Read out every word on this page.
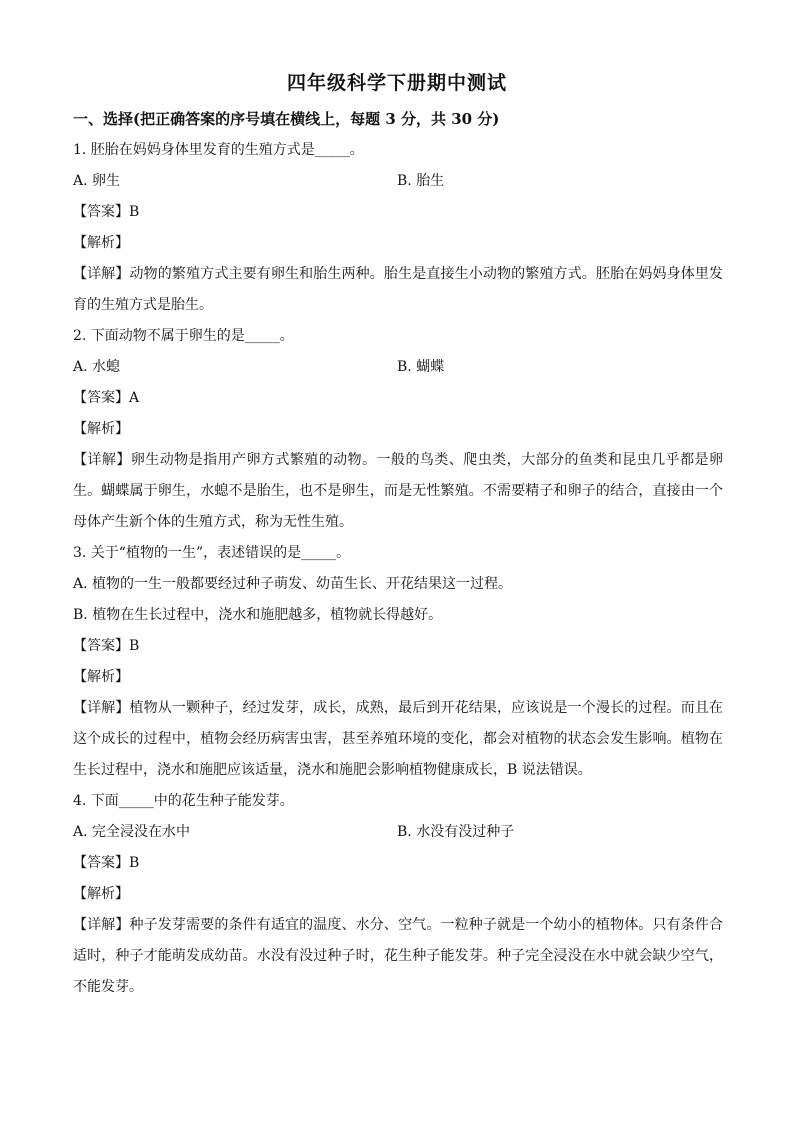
四年级科学下册期中测试
一、选择(把正确答案的序号填在横线上，每题 3 分，共 30 分)
1. 胚胎在妈妈身体里发育的生殖方式是_____。
A. 卵生	B. 胎生
【答案】B
【解析】
【详解】动物的繁殖方式主要有卵生和胎生两种。胎生是直接生小动物的繁殖方式。胚胎在妈妈身体里发育的生殖方式是胎生。
2. 下面动物不属于卵生的是_____。
A. 水螅	B. 蝴蝶
【答案】A
【解析】
【详解】卵生动物是指用产卵方式繁殖的动物。一般的鸟类、爬虫类，大部分的鱼类和昆虫几乎都是卵生。蝴蝶属于卵生，水螅不是胎生，也不是卵生，而是无性繁殖。不需要精子和卵子的结合，直接由一个母体产生新个体的生殖方式，称为无性生殖。
3. 关于“植物的一生”，表述错误的是_____。
A. 植物的一生一般都要经过种子萌发、幼苗生长、开花结果这一过程。
B. 植物在生长过程中，浇水和施肥越多，植物就长得越好。
【答案】B
【解析】
【详解】植物从一颗种子，经过发芽，成长，成熟，最后到开花结果，应该说是一个漫长的过程。而且在这个成长的过程中，植物会经历病害虫害，甚至养殖环境的变化，都会对植物的状态会发生影响。植物在生长过程中，浇水和施肥应该适量，浇水和施肥会影响植物健康成长，B 说法错误。
4. 下面_____中的花生种子能发芽。
A. 完全浸没在水中	B. 水没有没过种子
【答案】B
【解析】
【详解】种子发芽需要的条件有适宜的温度、水分、空气。一粒种子就是一个幼小的植物体。只有条件合适时，种子才能萌发成幼苗。水没有没过种子时，花生种子能发芽。种子完全浸没在水中就会缺少空气，不能发芽。
